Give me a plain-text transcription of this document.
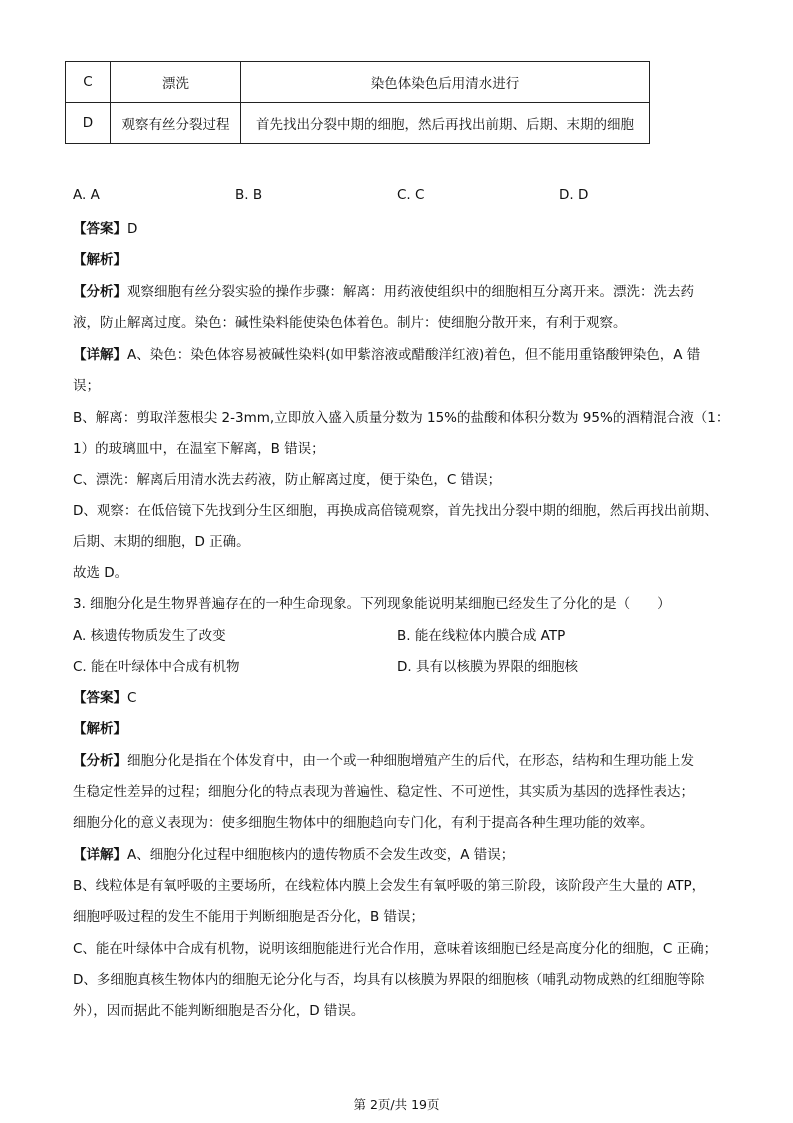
C	漂洗	染色体染色后用清水进行
D	观察有丝分裂过程	首先找出分裂中期的细胞，然后再找出前期、后期、末期的细胞
A. A	B. B	C. C	D. D
【答案】D
【解析】
【分析】观察细胞有丝分裂实验的操作步骤：解离：用药液使组织中的细胞相互分离开来。漂洗：洗去药
液，防止解离过度。染色：碱性染料能使染色体着色。制片：使细胞分散开来，有利于观察。
【详解】A、染色：染色体容易被碱性染料(如甲紫溶液或醋酸洋红液)着色，但不能用重铬酸钾染色，A 错
误；
B、解离：剪取洋葱根尖 2-3mm,立即放入盛入质量分数为 15%的盐酸和体积分数为 95%的酒精混合液（1：
1）的玻璃皿中，在温室下解离，B 错误；
C、漂洗：解离后用清水洗去药液，防止解离过度，便于染色，C 错误；
D、观察：在低倍镜下先找到分生区细胞，再换成高倍镜观察，首先找出分裂中期的细胞，然后再找出前期、
后期、末期的细胞，D 正确。
故选 D。
3. 细胞分化是生物界普遍存在的一种生命现象。下列现象能说明某细胞已经发生了分化的是（　　）
A. 核遗传物质发生了改变	B. 能在线粒体内膜合成 ATP
C. 能在叶绿体中合成有机物	D. 具有以核膜为界限的细胞核
【答案】C
【解析】
【分析】细胞分化是指在个体发育中，由一个或一种细胞增殖产生的后代，在形态，结构和生理功能上发
生稳定性差异的过程；细胞分化的特点表现为普遍性、稳定性、不可逆性，其实质为基因的选择性表达；
细胞分化的意义表现为：使多细胞生物体中的细胞趋向专门化，有利于提高各种生理功能的效率。
【详解】A、细胞分化过程中细胞核内的遗传物质不会发生改变，A 错误；
B、线粒体是有氧呼吸的主要场所，在线粒体内膜上会发生有氧呼吸的第三阶段，该阶段产生大量的 ATP，
细胞呼吸过程的发生不能用于判断细胞是否分化，B 错误；
C、能在叶绿体中合成有机物，说明该细胞能进行光合作用，意味着该细胞已经是高度分化的细胞，C 正确；
D、多细胞真核生物体内的细胞无论分化与否，均具有以核膜为界限的细胞核（哺乳动物成熟的红细胞等除
外），因而据此不能判断细胞是否分化，D 错误。
第 2页/共 19页
